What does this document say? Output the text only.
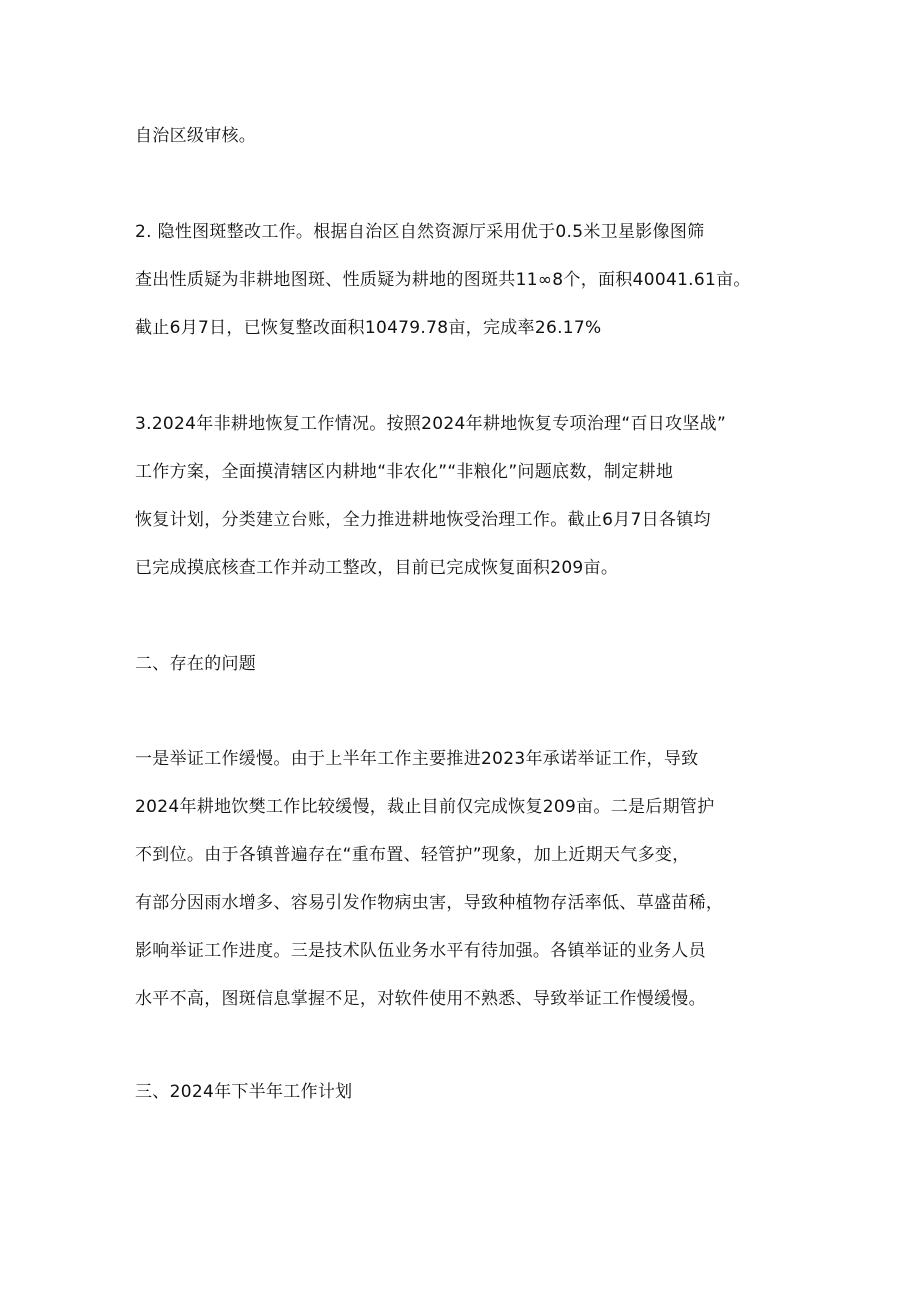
自治区级审核。
2. 隐性图斑整改工作。根据自治区自然资源厅采用优于0.5米卫星影像图筛
查出性质疑为非耕地图斑、性质疑为耕地的图斑共11∞8个，面积40041.61亩。
截止6月7日，已恢复整改面积10479.78亩，完成率26.17%
3.2024年非耕地恢复工作情况。按照2024年耕地恢复专项治理“百日攻坚战”
工作方案，全面摸清辖区内耕地“非农化”“非粮化”问题底数，制定耕地
恢复计划，分类建立台账，全力推进耕地恢受治理工作。截止6月7日各镇均
已完成摸底核查工作并动工整改，目前已完成恢复面积209亩。
二、存在的问题
一是举证工作缓慢。由于上半年工作主要推进2023年承诺举证工作，导致
2024年耕地饮樊工作比较缓慢，裁止目前仅完成恢复209亩。二是后期管护
不到位。由于各镇普遍存在“重布置、轻管护”现象，加上近期天气多变，
有部分因雨水增多、容易引发作物病虫害，导致种植物存活率低、草盛苗稀，
影响举证工作进度。三是技术队伍业务水平有待加强。各镇举证的业务人员
水平不高，图斑信息掌握不足，对软件使用不熟悉、导致举证工作慢缓慢。
三、2024年下半年工作计划
